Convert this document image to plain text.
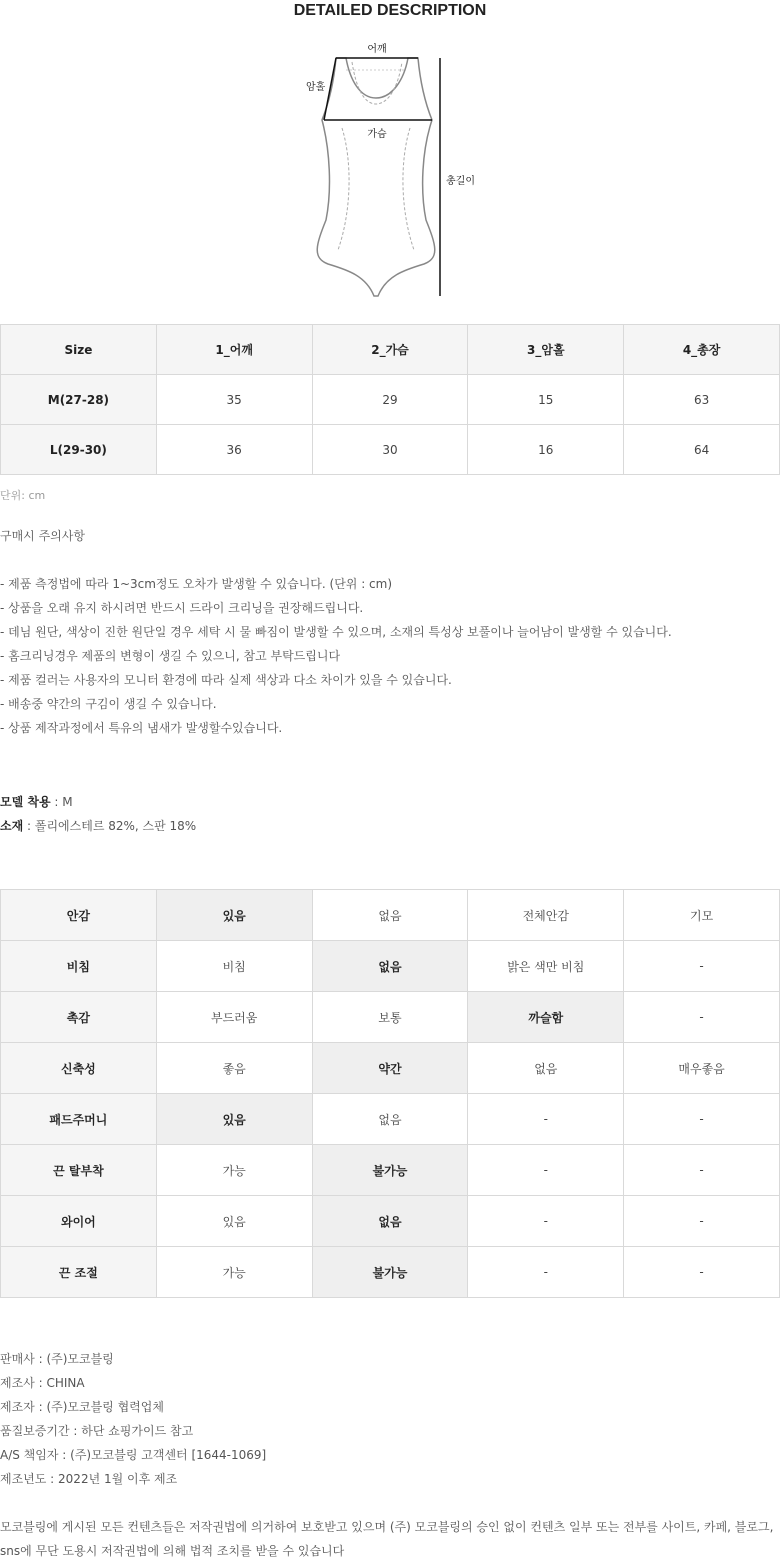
DETAILED DESCRIPTION
어깨
암홀
가슴
총길이
Size	1_어깨	2_가슴	3_암홀	4_총장
M(27-28)	35	29	15	63
L(29-30)	36	30	16	64
단위: cm
구매시 주의사항
- 제품 측정법에 따라 1~3cm정도 오차가 발생할 수 있습니다. (단위 : cm)
- 상품을 오래 유지 하시려면 반드시 드라이 크리닝을 권장해드립니다.
- 데님 원단, 색상이 진한 원단일 경우 세탁 시 물 빠짐이 발생할 수 있으며, 소재의 특성상 보풀이나 늘어남이 발생할 수 있습니다.
- 홈크리닝경우 제품의 변형이 생길 수 있으니, 참고 부탁드립니다
- 제품 컬러는 사용자의 모니터 환경에 따라 실제 색상과 다소 차이가 있을 수 있습니다.
- 배송중 약간의 구김이 생길 수 있습니다.
- 상품 제작과정에서 특유의 냄새가 발생할수있습니다.
모델 착용 : M
소재 : 폴리에스테르 82%, 스판 18%
안감	있음	없음	전체안감	기모
비침	비침	없음	밝은 색만 비침	-
촉감	부드러움	보통	까슬함	-
신축성	좋음	약간	없음	매우좋음
패드주머니	있음	없음	-	-
끈 탈부착	가능	불가능	-	-
와이어	있음	없음	-	-
끈 조절	가능	불가능	-	-
판매사 : (주)모코블링
제조사 : CHINA
제조자 : (주)모코블링 협력업체
품질보증기간 : 하단 쇼핑가이드 참고
A/S 책임자 : (주)모코블링 고객센터 [1644-1069]
제조년도 : 2022년 1월 이후 제조
모코블링에 게시된 모든 컨텐츠들은 저작권법에 의거하여 보호받고 있으며 (주) 모코블링의 승인 없이 컨텐츠 일부 또는 전부를 사이트, 카페, 블로그, sns에 무단 도용시 저작권법에 의해 법적 조치를 받을 수 있습니다
